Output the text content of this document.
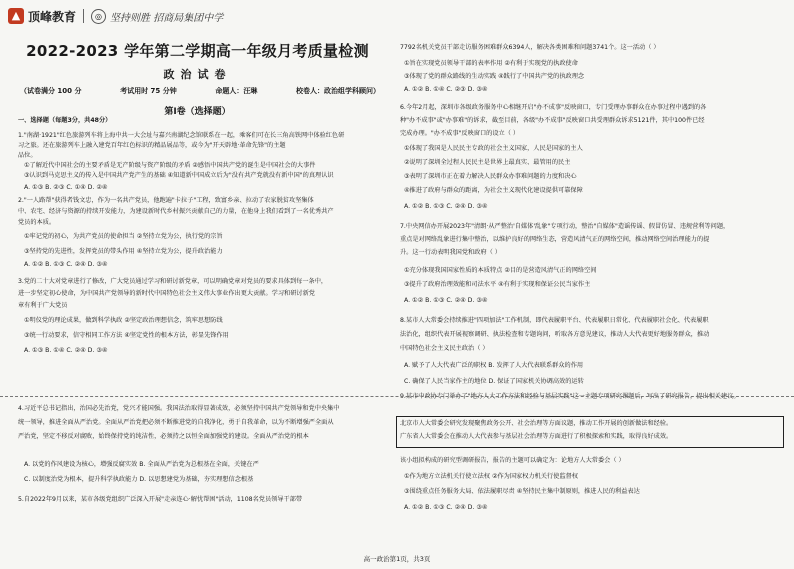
▲ 顶峰教育	◎ 坚持则胜 招商局集团中学
2022-2023 学年第二学期高一年级月考质量检测
政治试卷
（试卷满分 100 分	考试用时 75 分钟	命题人：汪琳	校卷人：政治组学科顾问）
第Ⅰ卷（选择题）
一、选择题（每题3分，共48分）
1."南湖·1921"红色旅游列车将上海中共一大会址与嘉兴南湖纪念馆联系在一起，乘客们可在长三角高铁网中体验红色研
习之旅。还在旅游列车上融入建党百年红色标识的精品展品等，或今为"开天辟地·革命先锋"的主题
品位。
①了解近代中国社会的主要矛盾是无产阶级与资产阶级的矛盾 ②感悟中国共产党的诞生是中国社会的大事件
③认识到马克思主义的传入是中国共产党产生的基础 ④知道新中国成立后为"没有共产党就没有新中国"的真理认识
A. ①③ B. ②③ C. ①④ D. ②④
2."一人路帮"获得者钱文忠，作为一名共产党员，他跑遍"卡拉子"工程，致富乡亲、拉动了农家脱贫攻坚集体
中、农宅、经济与资源的持续开发能力，为建设新时代乡村振兴贡献自己的力量，在他身上我们看到了一名优秀共产
党员的本质。
①牢记党的初心，为共产党员的使命担当 ②坚持立党为公，执行党的宗旨
③坚持党的先进性，发挥党员的带头作用 ④坚持立党为公，提升政治能力
A. ①② B. ①③ C. ②④ D. ③④
3.党的二十大对党章进行了修改，广大党员通过学习和研讨新党章，可以明确党章对党员的要求具体到每一条中，
进一步坚定初心使命，为中国共产党领导的新时代中国特色社会主义伟大事业作出更大贡献。学习和研讨新党
章有利于广大党员
①明仪党的理论成果，做到科学执政 ②坚定政治理想信念，筑牢思想防线
③统一行动要求，信守相同工作方法 ④坚定党性的根本方法，彰显先锋作用
A. ①③ B. ①④ C. ②④ D. ③④
4.习近平总书记指出，治国必先治党，党兴才能国强。我国法治取得显著成效，必须坚持中国共产党领导和党中央集中
统一领导，推进全面从严治党。全面从严治党把必须不断推进党的自我净化，勇于自我革命，以为不断增强严全面从
严治党，坚定不移反对腐败，始终保持党的纯洁性，必须持之以恒全面加强党的建设。全面从严治党的根本
A. 以党的作风建设为核心，增强反腐实效 B. 全面从严治党为总根基在全面，关键在严
C. 以制度治党为根本，提升科学执政能力 D. 以思想建党为基础，夯实理想信念根基
5.自2022年9月以来，某市各级党组织广泛深入开展"走亲连心·解忧帮困"活动，1108名党员领导干部带
7792名机关党员干部走访服务困难群众6394人，解决各类困难和问题3741个。这一活动（ ）
①旨在实现党员领导干部的表率作用 ②有利于实现党的执政使命
③体现了党的群众路线的生动实践 ④践行了中国共产党的执政理念
A. ①② B. ①④ C. ②③ D. ③④
6.今年2月起，深圳市各级政务服务中心相继开启"办不成事"反映窗口，专门受理办事群众在办事过程中遇到的各
种"办不成事"或"办事难"的诉求，截至目前，各级"办不成事"反映窗口共受理群众诉求5121件，其中100件已经
完成办理。"办不成事"反映窗口的设立（ ）
①体现了我国是人民民主专政的社会主义国家，人民是国家的主人
②说明了深圳全过程人民民主是世界上最真实、最管用的民主
③表明了深圳市正在着力解决人民群众办事难问题的力度和决心
④推进了政府与群众的距离，为社会主义现代化建设提供可靠保障
A. ①② B. ①③ C. ②④ D. ③④
7.中央网信办开展2023年"清朗·从严整治'自媒体'乱象"专项行动，整治"自媒体"造谣传谣、假冒仿冒、违规营利等问题，
重点是对网络乱象进行集中整治，以维护良好的网络生态，营造风清气正的网络空间，推动网络空间治理能力的提
升。这一行动表明我国党和政府（ ）
①充分体现我国国家性质的本质特点 ②目的是营造风清气正的网络空间
③提升了政府治理效能和司法水平 ④有利于实现和保证公民当家作主
A. ①② B. ①③ C. ②④ D. ③④
8.某市人大常委会持续推进"四项加法"工作机制，即代表履职平台、代表履职日常化、代表履职社会化、代表履职
法治化，组织代表开展视察调研、执法检查和专题询问，听取各方意见建议，推动人大代表更好地服务群众，推动
中国特色社会主义民主政治（ ）
A. 赋予了人大代表广泛的职权 B. 发挥了人大代表联系群众的作用
C. 确保了人民当家作主的地位 D. 保证了国家机关协调高效的运转
9.某市中政协专门举办了"地方人大工作方法和经验与基层实践"这一主题专项研究课题后，写出了研究报告，提出相关建议。
北京市人大常委会研究发现聚焦政务公开、社会治理等方面议题，推动工作开展的创新做法和经验。
广东省人大常委会在推动人大代表参与基层社会治理等方面进行了积极探索和实践，取得良好成效。
该小组拟构成的研究型调研报告，报告的主题可以确定为：论地方人大常委会（ ）
①作为地方立法机关行使立法权 ②作为国家权力机关行使监督权
③围绕重点任务服务大局、依法履职尽责 ④坚持民主集中制原则，推进人民的利益表达
A. ①② B. ①③ C. ②④ D. ③④
高一政治第1页，共3页
